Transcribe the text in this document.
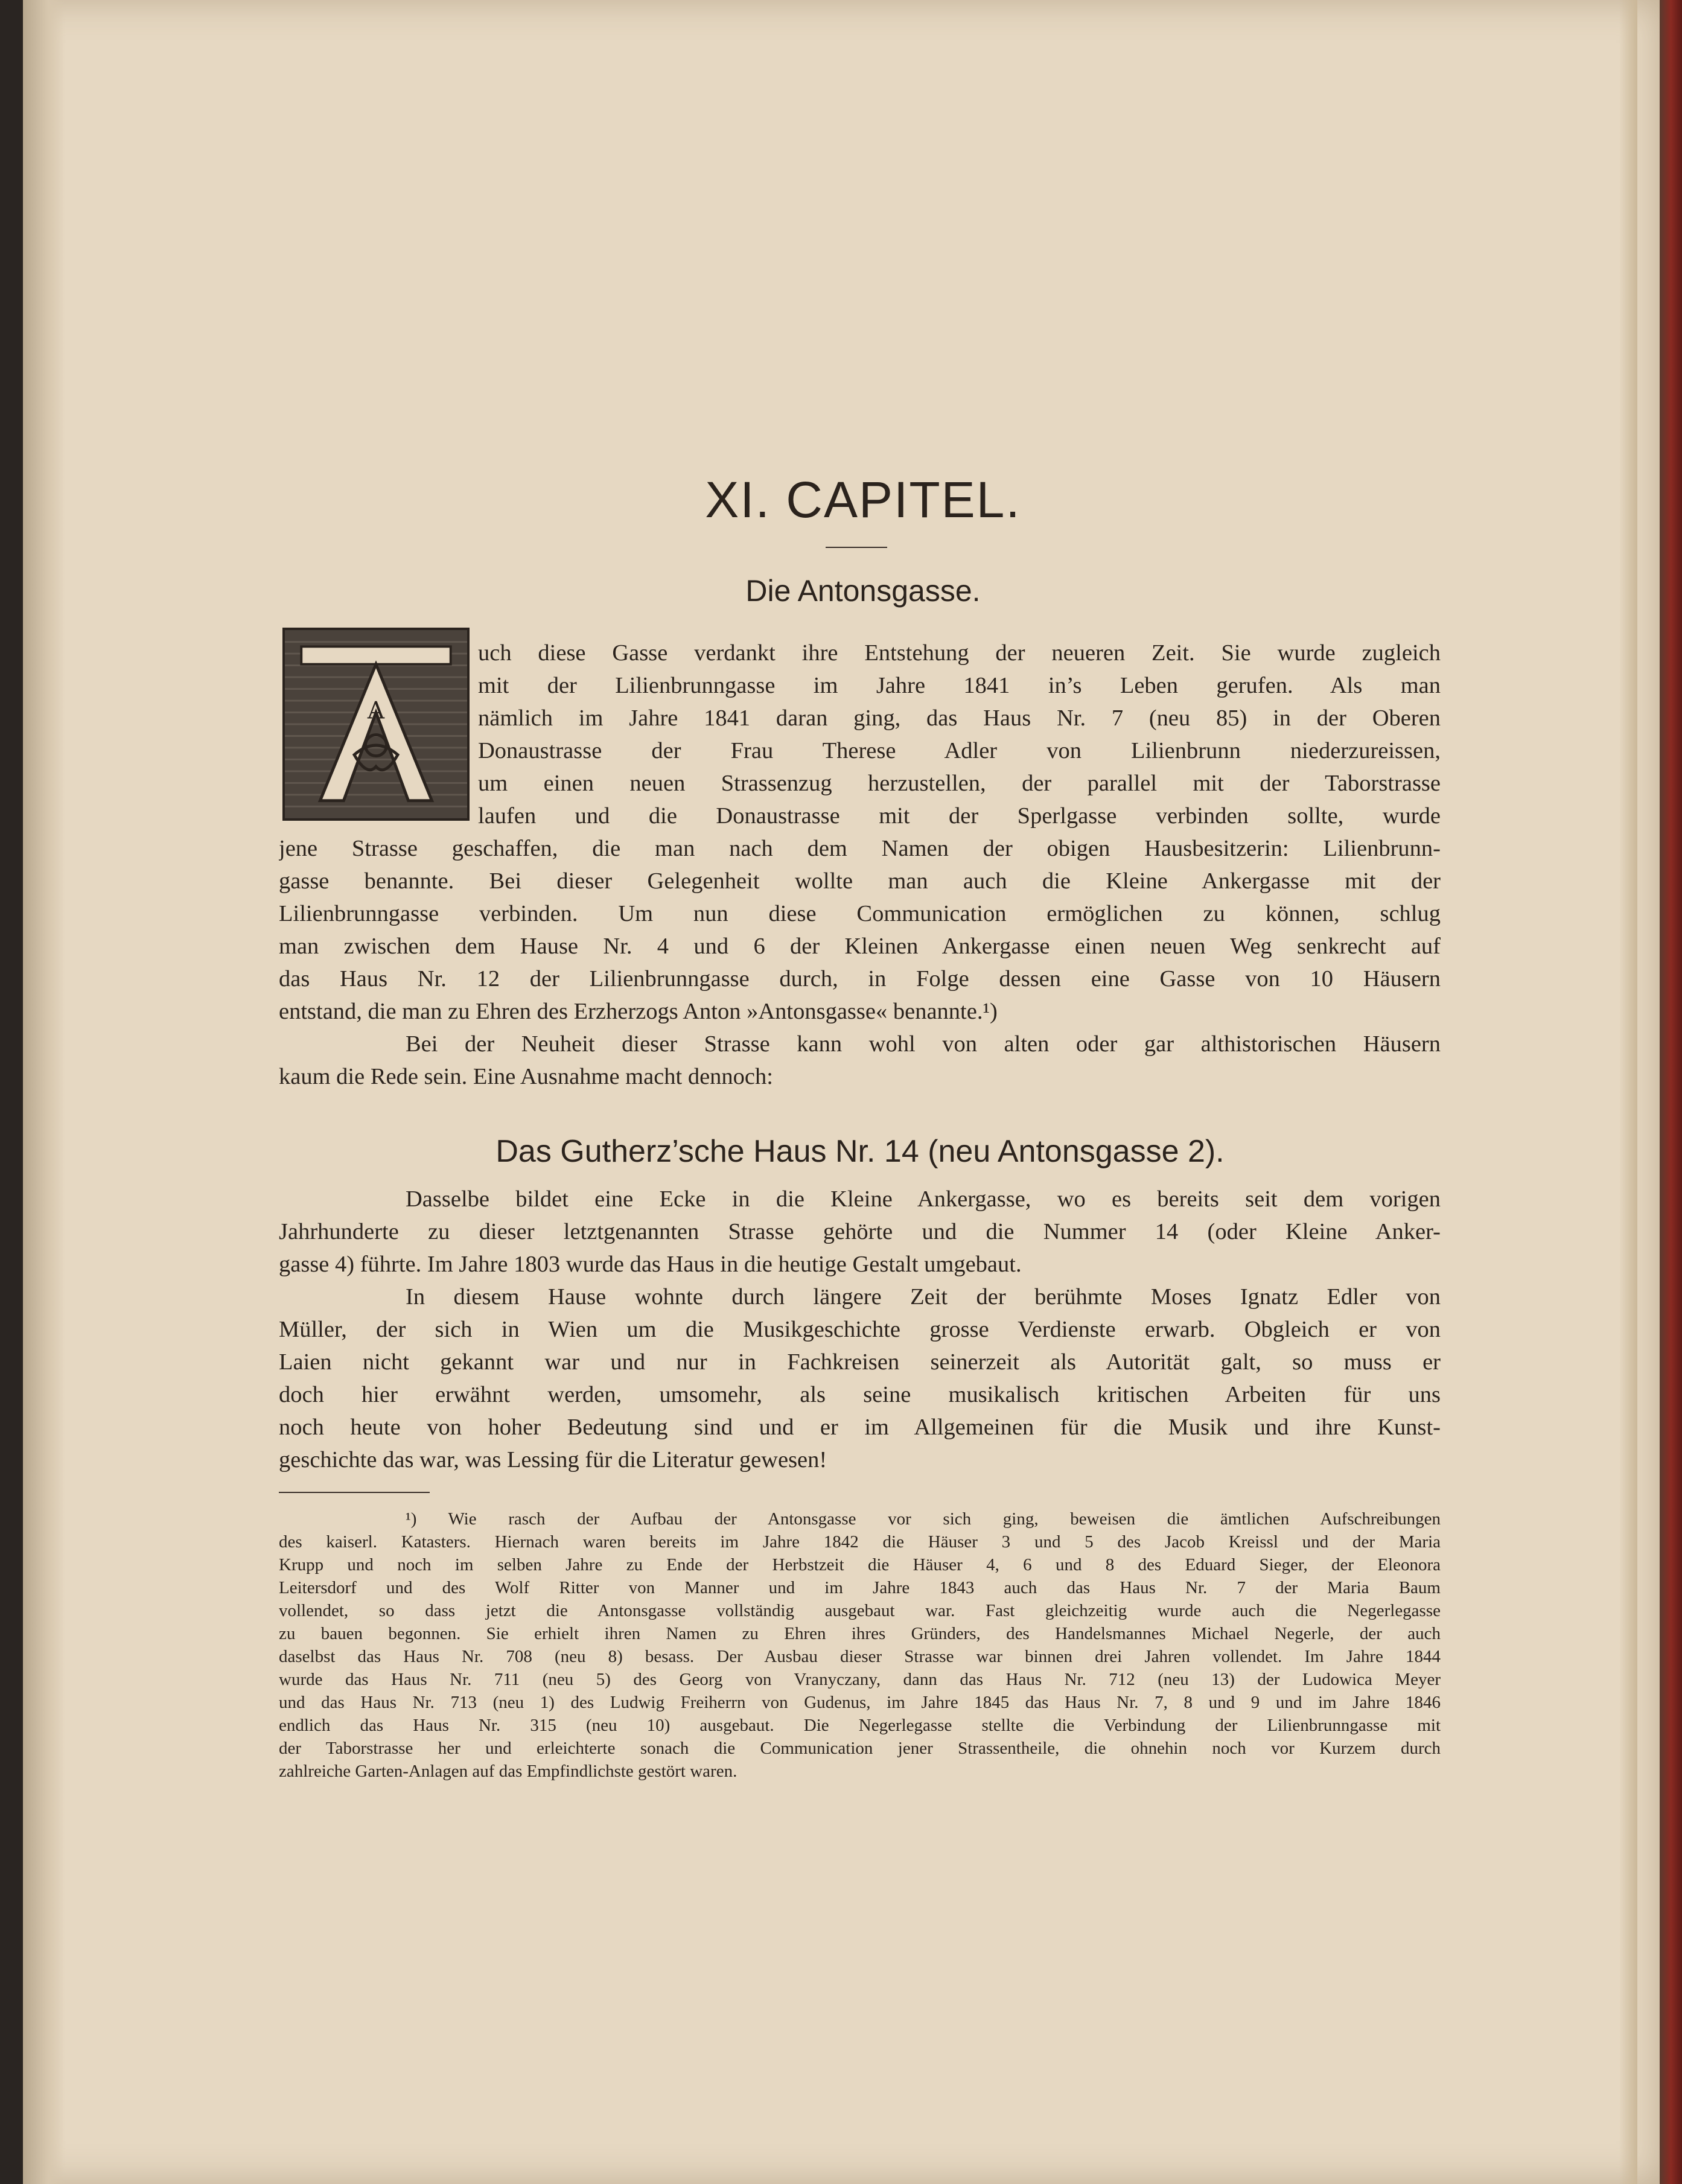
XI. CAPITEL.
Die Antonsgasse.
A
uch diese Gasse verdankt ihre Entstehung der neueren Zeit. Sie wurde zugleich
mit der Lilienbrunngasse im Jahre 1841 in’s Leben gerufen. Als man
nämlich im Jahre 1841 daran ging, das Haus Nr. 7 (neu 85) in der Oberen
Donaustrasse der Frau Therese Adler von Lilienbrunn niederzureissen,
um einen neuen Strassenzug herzustellen, der parallel mit der Taborstrasse
laufen und die Donaustrasse mit der Sperlgasse verbinden sollte, wurde
jene Strasse geschaffen, die man nach dem Namen der obigen Hausbesitzerin: Lilienbrunn-
gasse benannte. Bei dieser Gelegenheit wollte man auch die Kleine Ankergasse mit der
Lilienbrunngasse verbinden. Um nun diese Communication ermöglichen zu können, schlug
man zwischen dem Hause Nr. 4 und 6 der Kleinen Ankergasse einen neuen Weg senkrecht auf
das Haus Nr. 12 der Lilienbrunngasse durch, in Folge dessen eine Gasse von 10 Häusern
entstand, die man zu Ehren des Erzherzogs Anton »Antonsgasse« benannte.¹)
Bei der Neuheit dieser Strasse kann wohl von alten oder gar althistorischen Häusern
kaum die Rede sein. Eine Ausnahme macht dennoch:
Das Gutherz’sche Haus Nr. 14 (neu Antonsgasse 2).
Dasselbe bildet eine Ecke in die Kleine Ankergasse, wo es bereits seit dem vorigen
Jahrhunderte zu dieser letztgenannten Strasse gehörte und die Nummer 14 (oder Kleine Anker-
gasse 4) führte. Im Jahre 1803 wurde das Haus in die heutige Gestalt umgebaut.
In diesem Hause wohnte durch längere Zeit der berühmte Moses Ignatz Edler von
Müller, der sich in Wien um die Musikgeschichte grosse Verdienste erwarb. Obgleich er von
Laien nicht gekannt war und nur in Fachkreisen seinerzeit als Autorität galt, so muss er
doch hier erwähnt werden, umsomehr, als seine musikalisch kritischen Arbeiten für uns
noch heute von hoher Bedeutung sind und er im Allgemeinen für die Musik und ihre Kunst-
geschichte das war, was Lessing für die Literatur gewesen!
¹) Wie rasch der Aufbau der Antonsgasse vor sich ging, beweisen die ämtlichen Aufschreibungen
des kaiserl. Katasters. Hiernach waren bereits im Jahre 1842 die Häuser 3 und 5 des Jacob Kreissl und der Maria
Krupp und noch im selben Jahre zu Ende der Herbstzeit die Häuser 4, 6 und 8 des Eduard Sieger, der Eleonora
Leitersdorf und des Wolf Ritter von Manner und im Jahre 1843 auch das Haus Nr. 7 der Maria Baum
vollendet, so dass jetzt die Antonsgasse vollständig ausgebaut war. Fast gleichzeitig wurde auch die Negerlegasse
zu bauen begonnen. Sie erhielt ihren Namen zu Ehren ihres Gründers, des Handelsmannes Michael Negerle, der auch
daselbst das Haus Nr. 708 (neu 8) besass. Der Ausbau dieser Strasse war binnen drei Jahren vollendet. Im Jahre 1844
wurde das Haus Nr. 711 (neu 5) des Georg von Vranyczany, dann das Haus Nr. 712 (neu 13) der Ludowica Meyer
und das Haus Nr. 713 (neu 1) des Ludwig Freiherrn von Gudenus, im Jahre 1845 das Haus Nr. 7, 8 und 9 und im Jahre 1846
endlich das Haus Nr. 315 (neu 10) ausgebaut. Die Negerlegasse stellte die Verbindung der Lilienbrunngasse mit
der Taborstrasse her und erleichterte sonach die Communication jener Strassentheile, die ohnehin noch vor Kurzem durch
zahlreiche Garten-Anlagen auf das Empfindlichste gestört waren.
